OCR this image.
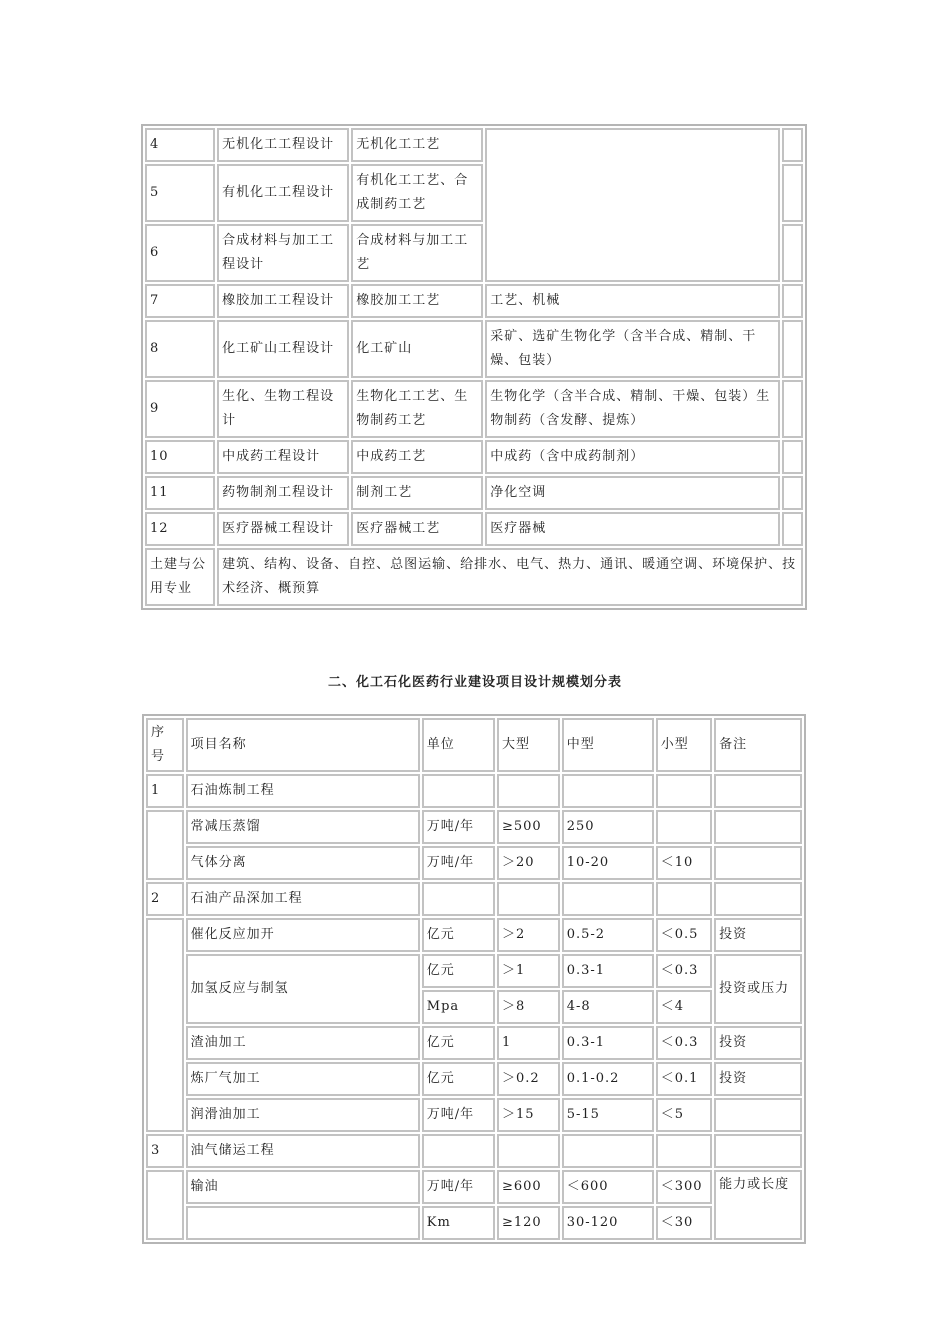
4	无机化工工程设计	无机化工工艺		
5	有机化工工程设计	有机化工工艺、合成制药工艺		
6	合成材料与加工工程设计	合成材料与加工工艺		
7	橡胶加工工程设计	橡胶加工工艺	工艺、机械	
8	化工矿山工程设计	化工矿山	采矿、选矿生物化学（含半合成、精制、干燥、包装）	
9	生化、生物工程设计	生物化工工艺、生物制药工艺	生物化学（含半合成、精制、干燥、包装）生物制药（含发酵、提炼）	
10	中成药工程设计	中成药工艺	中成药（含中成药制剂）	
11	药物制剂工程设计	制剂工艺	净化空调	
12	医疗器械工程设计	医疗器械工艺	医疗器械	
土建与公用专业	建筑、结构、设备、自控、总图运输、给排水、电气、热力、通讯、暖通空调、环境保护、技术经济、概预算			
二、化工石化医药行业建设项目设计规模划分表
序号	项目名称	单位	大型	中型	小型	备注
1	石油炼制工程					
	常减压蒸馏	万吨/年	≥500	250		
	气体分离	万吨/年	＞20	10-20	＜10	
2	石油产品深加工程					
	催化反应加开	亿元	＞2	0.5-2	＜0.5	投资
	加氢反应与制氢	亿元	＞1	0.3-1	＜0.3	投资或压力
		Mpa	＞8	4-8	＜4	
	渣油加工	亿元	1	0.3-1	＜0.3	投资
	炼厂气加工	亿元	＞0.2	0.1-0.2	＜0.1	投资
	润滑油加工	万吨/年	＞15	5-15	＜5	
3	油气储运工程					
	输油	万吨/年	≥600	＜600	＜300	能力或长度
		Km	≥120	30-120	＜30	
